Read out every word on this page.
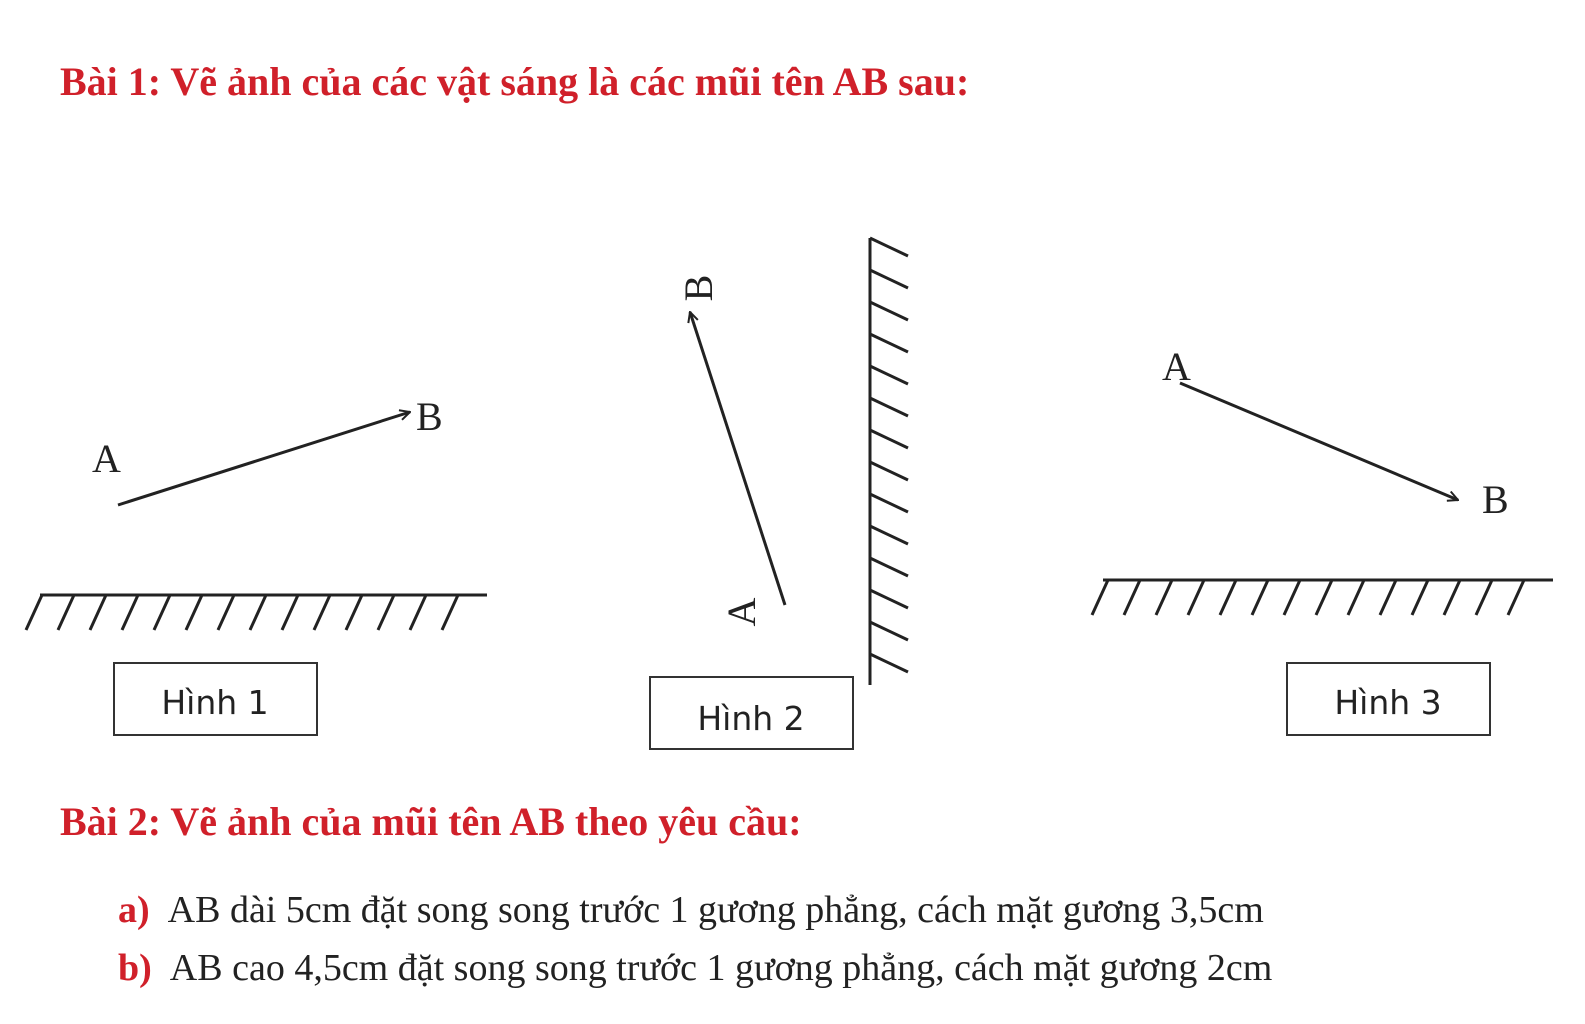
Bài 1: Vẽ ảnh của các vật sáng là các mũi tên AB sau:
A
B
Hình 1
A
B
Hình 2
A
B
Hình 3
Bài 2: Vẽ ảnh của mũi tên AB theo yêu cầu:
a) AB dài 5cm đặt song song trước 1 gương phẳng, cách mặt gương 3,5cm
b) AB cao 4,5cm đặt song song trước 1 gương phẳng, cách mặt gương 2cm
